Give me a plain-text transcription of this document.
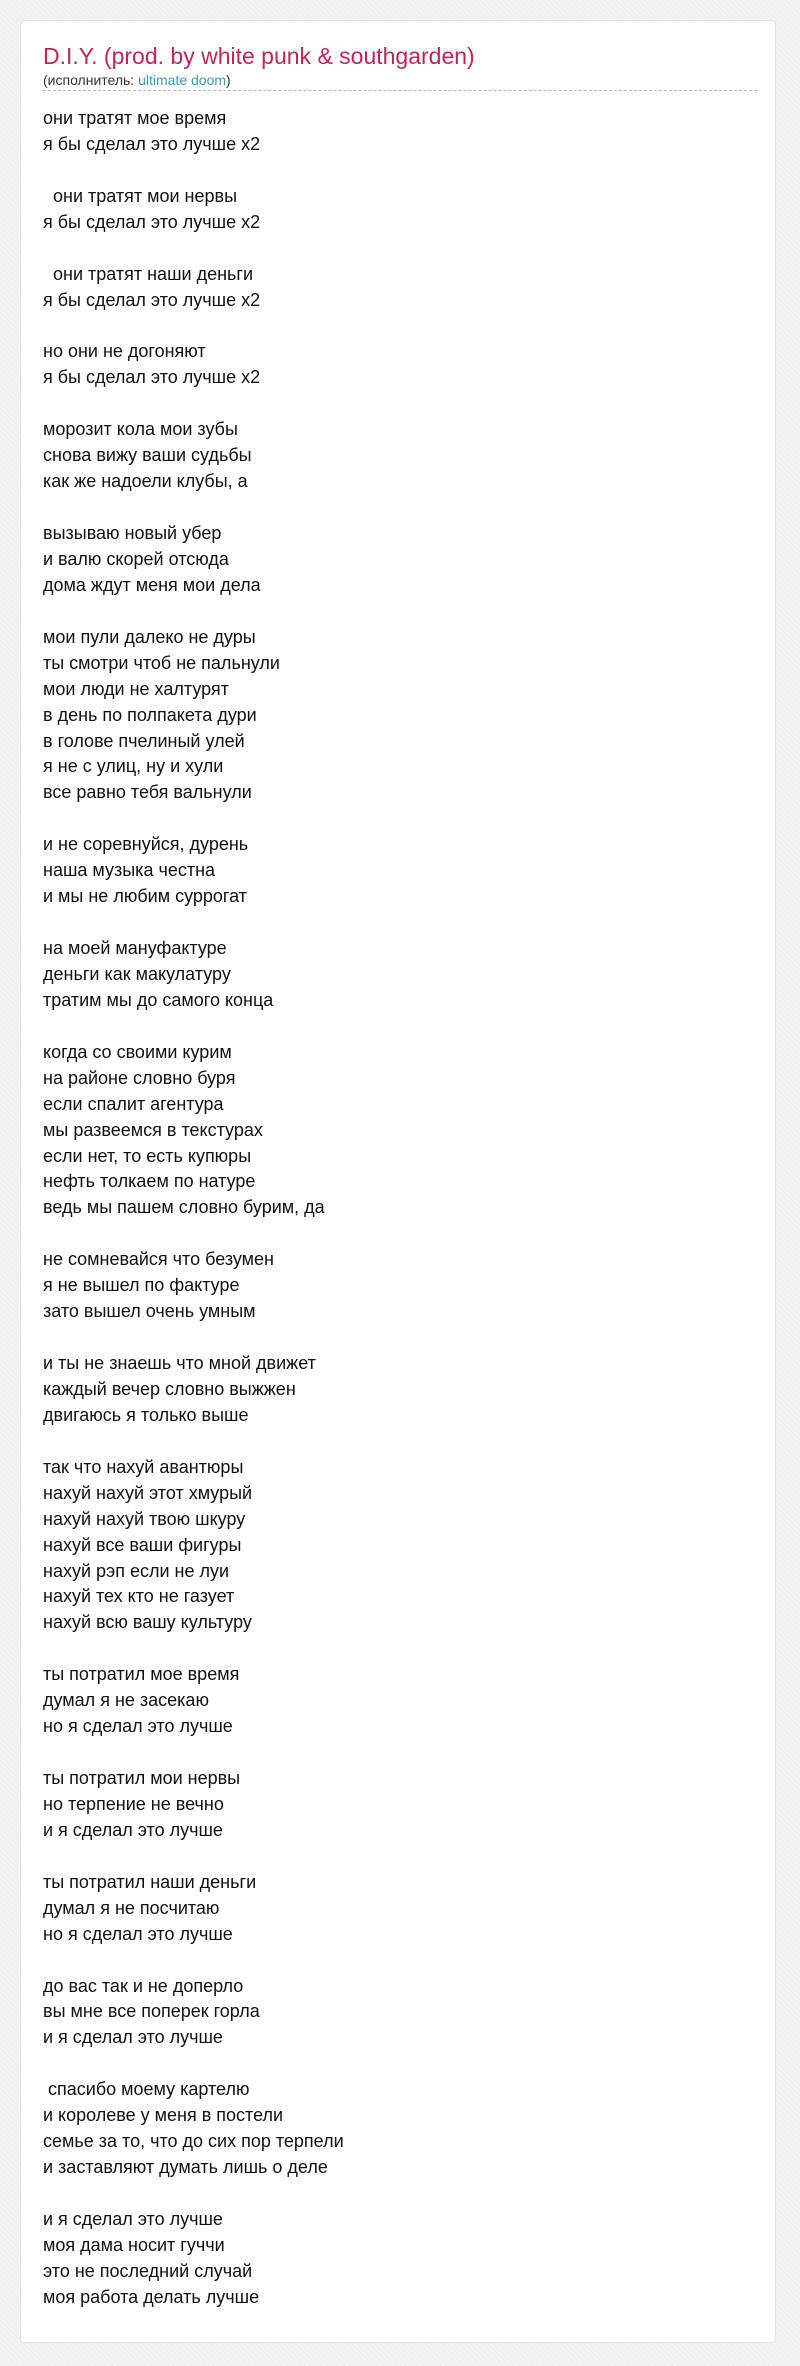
D.I.Y. (prod. by white punk & southgarden)
(исполнитель: ultimate doom)
они тратят мое время
я бы сделал это лучше x2

они тратят мои нервы
я бы сделал это лучше x2

они тратят наши деньги
я бы сделал это лучше x2

но они не догоняют
я бы сделал это лучше x2

морозит кола мои зубы
снова вижу ваши судьбы
как же надоели клубы, а

вызываю новый убер
и валю скорей отсюда
дома ждут меня мои дела

мои пули далеко не дуры
ты смотри чтоб не пальнули
мои люди не халтурят
в день по полпакета дури
в голове пчелиный улей
я не с улиц, ну и хули
все равно тебя вальнули

и не соревнуйся, дурень
наша музыка честна
и мы не любим суррогат

на моей мануфактуре
деньги как макулатуру
тратим мы до самого конца

когда со своими курим
на районе словно буря
если спалит агентура
мы развеемся в текстурах
если нет, то есть купюры
нефть толкаем по натуре
ведь мы пашем словно бурим, да

не сомневайся что безумен
я не вышел по фактуре
зато вышел очень умным

и ты не знаешь что мной движет
каждый вечер словно выжжен
двигаюсь я только выше

так что нахуй авантюры
нахуй нахуй этот хмурый
нахуй нахуй твою шкуру
нахуй все ваши фигуры
нахуй рэп если не луи
нахуй тех кто не газует
нахуй всю вашу культуру

ты потратил мое время
думал я не засекаю
но я сделал это лучше

ты потратил мои нервы
но терпение не вечно
и я сделал это лучше

ты потратил наши деньги
думал я не посчитаю
но я сделал это лучше

до вас так и не доперло
вы мне все поперек горла
и я сделал это лучше

спасибо моему картелю
и королеве у меня в постели
семье за то, что до сих пор терпели
и заставляют думать лишь о деле

и я сделал это лучше
моя дама носит гуччи
это не последний случай
моя работа делать лучше
